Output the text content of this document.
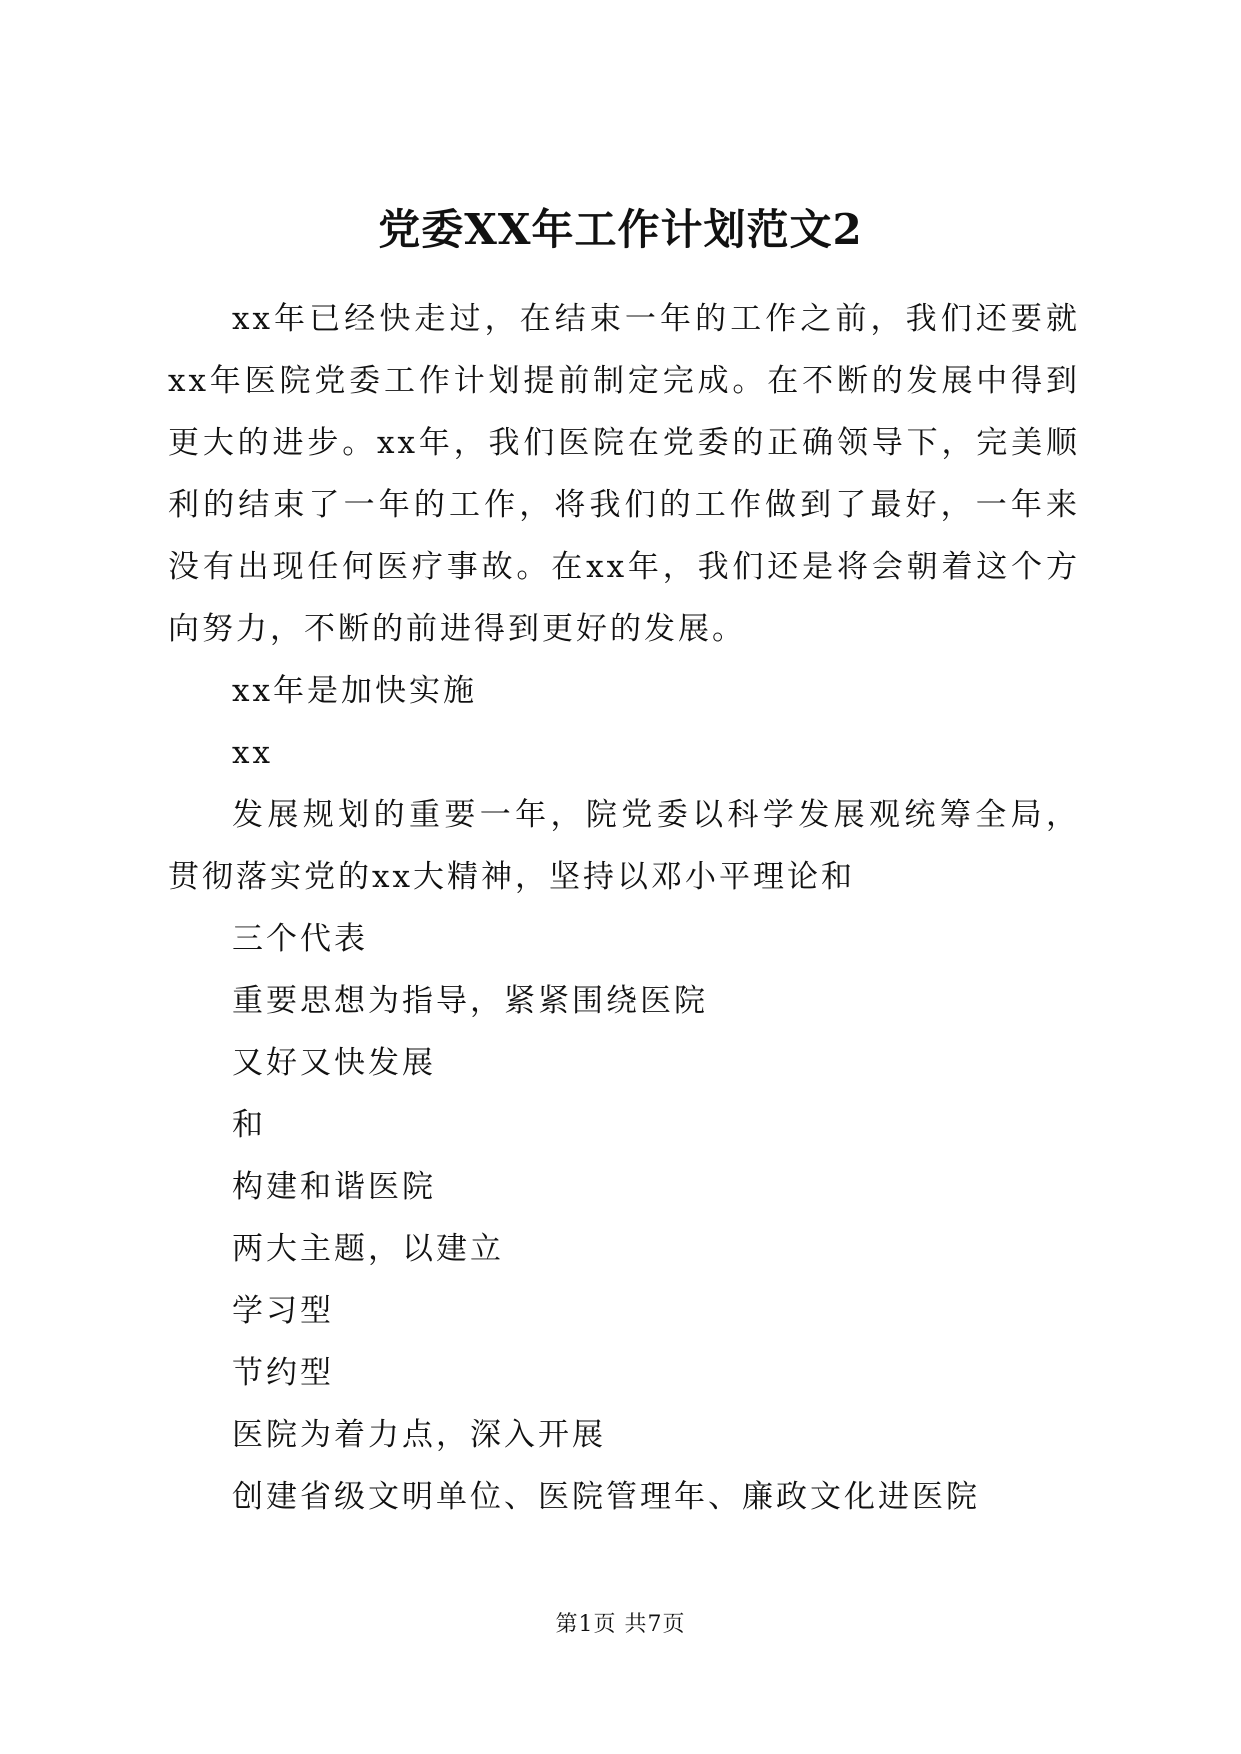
党委XX年工作计划范文2

xx年已经快走过，在结束一年的工作之前，我们还要就xx年医院党委工作计划提前制定完成。在不断的发展中得到更大的进步。xx年，我们医院在党委的正确领导下，完美顺利的结束了一年的工作，将我们的工作做到了最好，一年来没有出现任何医疗事故。在xx年，我们还是将会朝着这个方向努力，不断的前进得到更好的发展。

xx年是加快实施

xx

发展规划的重要一年，院党委以科学发展观统筹全局，贯彻落实党的xx大精神，坚持以邓小平理论和

三个代表

重要思想为指导，紧紧围绕医院

又好又快发展

和

构建和谐医院

两大主题，以建立

学习型

节约型

医院为着力点，深入开展

创建省级文明单位、医院管理年、廉政文化进医院

第1页 共7页
